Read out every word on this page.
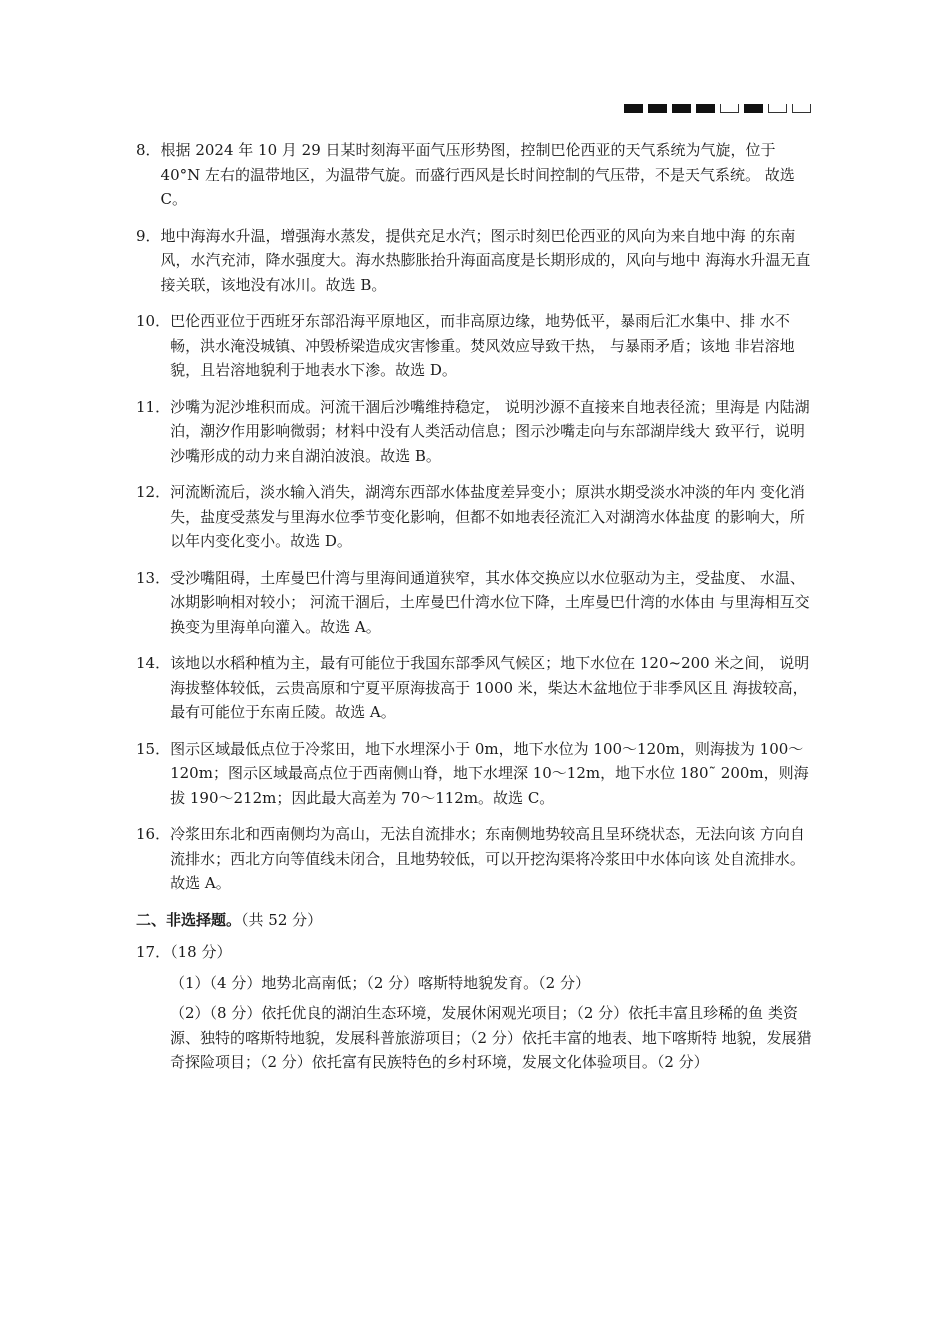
8． 根据 2024 年 10 月 29 日某时刻海平面气压形势图，控制巴伦西亚的天气系统为气旋，位于 40°N 左右的温带地区，为温带气旋。而盛行西风是长时间控制的气压带，不是天气系统。 故选 C。
9． 地中海海水升温，增强海水蒸发，提供充足水汽；图示时刻巴伦西亚的风向为来自地中海 的东南风，水汽充沛，降水强度大。海水热膨胀抬升海面高度是长期形成的，风向与地中 海海水升温无直接关联，该地没有冰川。故选 B。
10． 巴伦西亚位于西班牙东部沿海平原地区，而非高原边缘，地势低平，暴雨后汇水集中、排 水不畅，洪水淹没城镇、冲毁桥梁造成灾害惨重。焚风效应导致干热， 与暴雨矛盾；该地 非岩溶地貌，且岩溶地貌利于地表水下渗。故选 D。
11． 沙嘴为泥沙堆积而成。河流干涸后沙嘴维持稳定， 说明沙源不直接来自地表径流；里海是 内陆湖泊，潮汐作用影响微弱；材料中没有人类活动信息；图示沙嘴走向与东部湖岸线大 致平行，说明沙嘴形成的动力来自湖泊波浪。故选 B。
12． 河流断流后，淡水输入消失，湖湾东西部水体盐度差异变小；原洪水期受淡水冲淡的年内 变化消失，盐度受蒸发与里海水位季节变化影响，但都不如地表径流汇入对湖湾水体盐度 的影响大，所以年内变化变小。故选 D。
13． 受沙嘴阻碍，土库曼巴什湾与里海间通道狭窄，其水体交换应以水位驱动为主，受盐度、 水温、冰期影响相对较小； 河流干涸后，土库曼巴什湾水位下降，土库曼巴什湾的水体由 与里海相互交换变为里海单向灌入。故选 A。
14． 该地以水稻种植为主，最有可能位于我国东部季风气候区；地下水位在 120~200 米之间， 说明海拔整体较低，云贵高原和宁夏平原海拔高于 1000 米，柴达木盆地位于非季风区且 海拔较高，最有可能位于东南丘陵。故选 A。
15． 图示区域最低点位于冷浆田，地下水埋深小于 0m，地下水位为 100～120m，则海拔为 100～120m；图示区域最高点位于西南侧山脊，地下水埋深 10～12m，地下水位 180˜ 200m，则海拔 190～212m；因此最大高差为 70～112m。故选 C。
16． 冷浆田东北和西南侧均为高山，无法自流排水；东南侧地势较高且呈环绕状态，无法向该 方向自流排水；西北方向等值线未闭合，且地势较低，可以开挖沟渠将冷浆田中水体向该 处自流排水。故选 A。
二、非选择题。（共 52 分）
17．（18 分）
（1）（4 分）地势北高南低；（2 分）喀斯特地貌发育。（2 分）
（2）（8 分）依托优良的湖泊生态环境，发展休闲观光项目；（2 分）依托丰富且珍稀的鱼 类资源、独特的喀斯特地貌，发展科普旅游项目；（2 分）依托丰富的地表、地下喀斯特 地貌，发展猎奇探险项目；（2 分）依托富有民族特色的乡村环境，发展文化体验项目。（2 分）
